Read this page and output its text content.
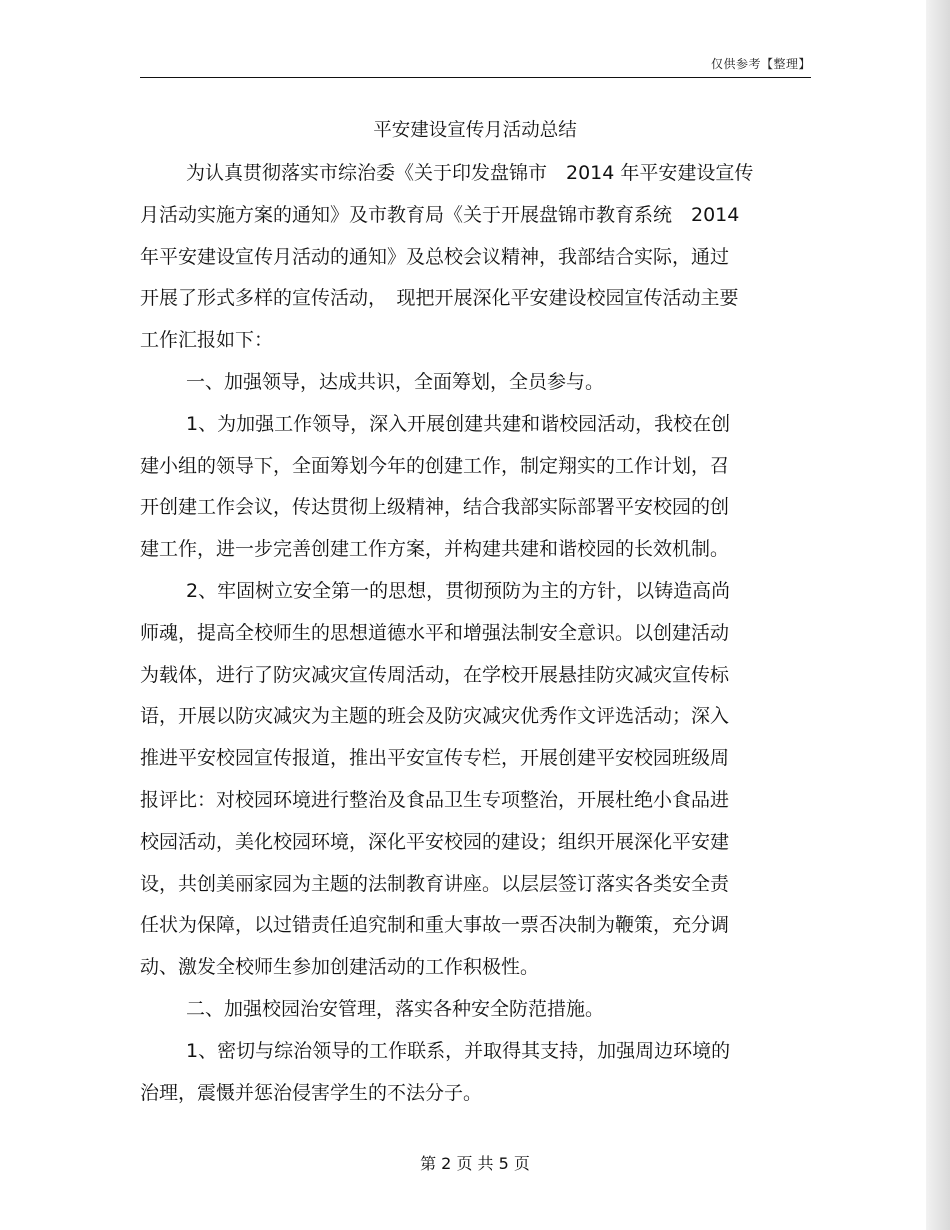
仅供参考【整理】
平安建设宣传月活动总结
为认真贯彻落实市综治委《关于印发盘锦市　2014 年平安建设宣传
月活动实施方案的通知》及市教育局《关于开展盘锦市教育系统　2014
年平安建设宣传月活动的通知》及总校会议精神，我部结合实际，通过
开展了形式多样的宣传活动，　现把开展深化平安建设校园宣传活动主要
工作汇报如下：
一、加强领导，达成共识，全面筹划，全员参与。
1、为加强工作领导，深入开展创建共建和谐校园活动，我校在创
建小组的领导下，全面筹划今年的创建工作，制定翔实的工作计划，召
开创建工作会议，传达贯彻上级精神，结合我部实际部署平安校园的创
建工作，进一步完善创建工作方案，并构建共建和谐校园的长效机制。
2、牢固树立安全第一的思想，贯彻预防为主的方针，以铸造高尚
师魂，提高全校师生的思想道德水平和增强法制安全意识。以创建活动
为载体，进行了防灾减灾宣传周活动，在学校开展悬挂防灾减灾宣传标
语，开展以防灾减灾为主题的班会及防灾减灾优秀作文评选活动；深入
推进平安校园宣传报道，推出平安宣传专栏，开展创建平安校园班级周
报评比：对校园环境进行整治及食品卫生专项整治，开展杜绝小食品进
校园活动，美化校园环境，深化平安校园的建设；组织开展深化平安建
设，共创美丽家园为主题的法制教育讲座。以层层签订落实各类安全责
任状为保障，以过错责任追究制和重大事故一票否决制为鞭策，充分调
动、激发全校师生参加创建活动的工作积极性。
二、加强校园治安管理，落实各种安全防范措施。
1、密切与综治领导的工作联系，并取得其支持，加强周边环境的
治理，震慑并惩治侵害学生的不法分子。
第 2 页 共 5 页
